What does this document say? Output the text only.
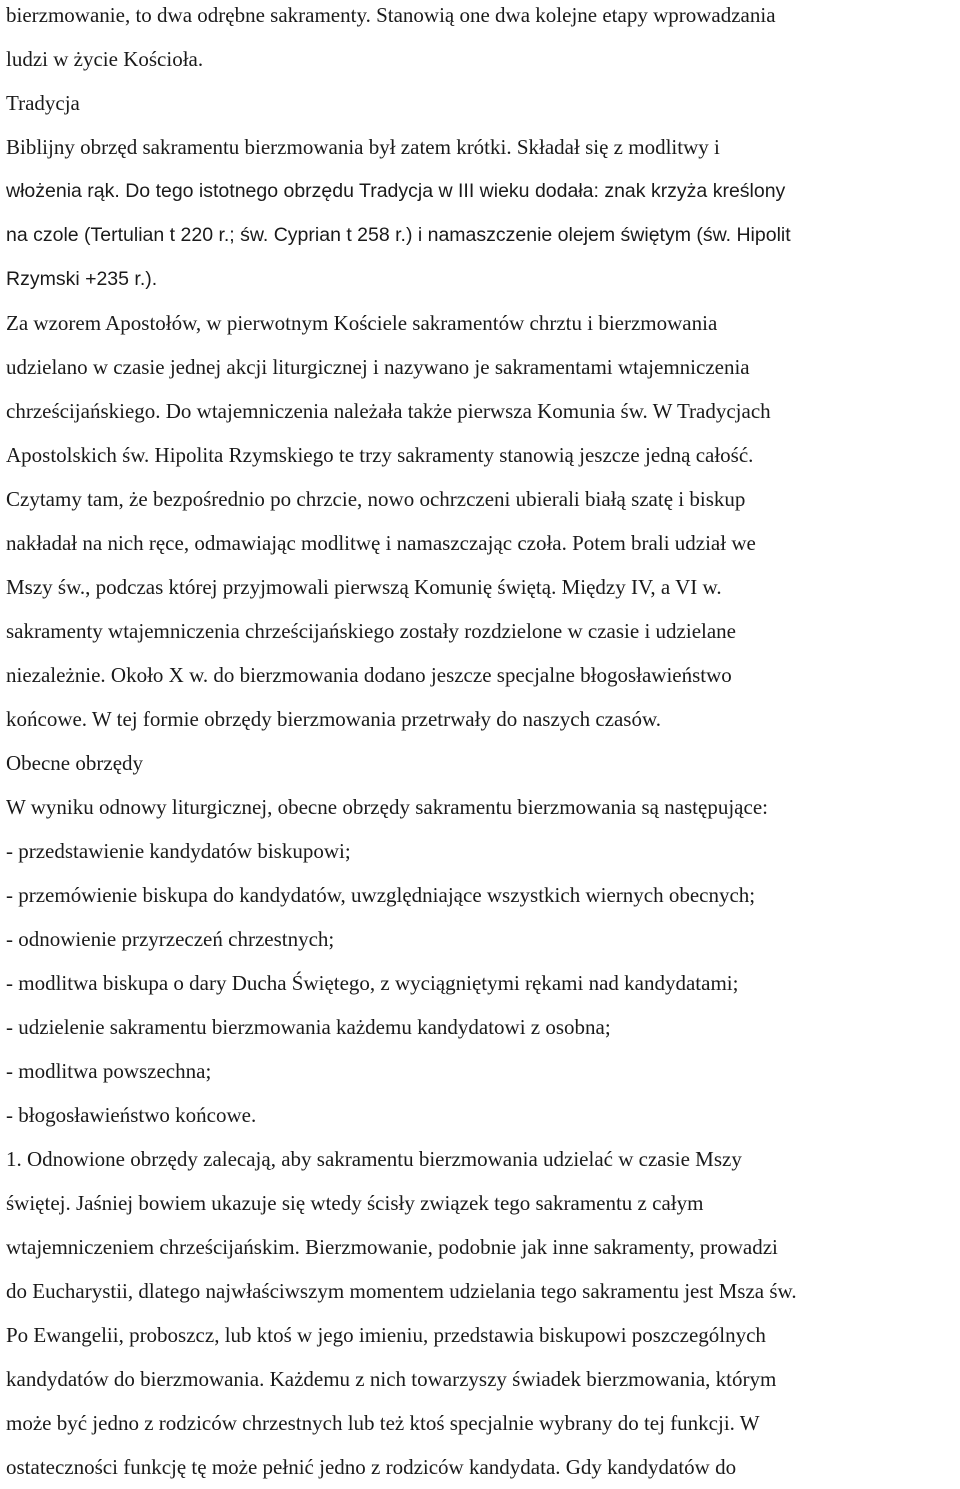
bierzmowanie, to dwa odrębne sakramenty. Stanowią one dwa kolejne etapy wprowadzania
ludzi w życie Kościoła.
Tradycja
Biblijny obrzęd sakramentu bierzmowania był zatem krótki. Składał się z modlitwy i
włożenia rąk. Do tego istotnego obrzędu Tradycja w III wieku dodała: znak krzyża kreślony
na czole (Tertulian t 220 r.; św. Cyprian t 258 r.) i namaszczenie olejem świętym (św. Hipolit
Rzymski +235 r.).
Za wzorem Apostołów, w pierwotnym Kościele sakramentów chrztu i bierzmowania
udzielano w czasie jednej akcji liturgicznej i nazywano je sakramentami wtajemniczenia
chrześcijańskiego. Do wtajemniczenia należała także pierwsza Komunia św. W Tradycjach
Apostolskich św. Hipolita Rzymskiego te trzy sakramenty stanowią jeszcze jedną całość.
Czytamy tam, że bezpośrednio po chrzcie, nowo ochrzczeni ubierali białą szatę i biskup
nakładał na nich ręce, odmawiając modlitwę i namaszczając czoła. Potem brali udział we
Mszy św., podczas której przyjmowali pierwszą Komunię świętą. Między IV, a VI w.
sakramenty wtajemniczenia chrześcijańskiego zostały rozdzielone w czasie i udzielane
niezależnie. Około X w. do bierzmowania dodano jeszcze specjalne błogosławieństwo
końcowe. W tej formie obrzędy bierzmowania przetrwały do naszych czasów.
Obecne obrzędy
W wyniku odnowy liturgicznej, obecne obrzędy sakramentu bierzmowania są następujące:
- przedstawienie kandydatów biskupowi;
- przemówienie biskupa do kandydatów, uwzględniające wszystkich wiernych obecnych;
- odnowienie przyrzeczeń chrzestnych;
- modlitwa biskupa o dary Ducha Świętego, z wyciągniętymi rękami nad kandydatami;
- udzielenie sakramentu bierzmowania każdemu kandydatowi z osobna;
- modlitwa powszechna;
- błogosławieństwo końcowe.
1. Odnowione obrzędy zalecają, aby sakramentu bierzmowania udzielać w czasie Mszy
świętej. Jaśniej bowiem ukazuje się wtedy ścisły związek tego sakramentu z całym
wtajemniczeniem chrześcijańskim. Bierzmowanie, podobnie jak inne sakramenty, prowadzi
do Eucharystii, dlatego najwłaściwszym momentem udzielania tego sakramentu jest Msza św.
Po Ewangelii, proboszcz, lub ktoś w jego imieniu, przedstawia biskupowi poszczególnych
kandydatów do bierzmowania. Każdemu z nich towarzyszy świadek bierzmowania, którym
może być jedno z rodziców chrzestnych lub też ktoś specjalnie wybrany do tej funkcji. W
ostateczności funkcję tę może pełnić jedno z rodziców kandydata. Gdy kandydatów do
